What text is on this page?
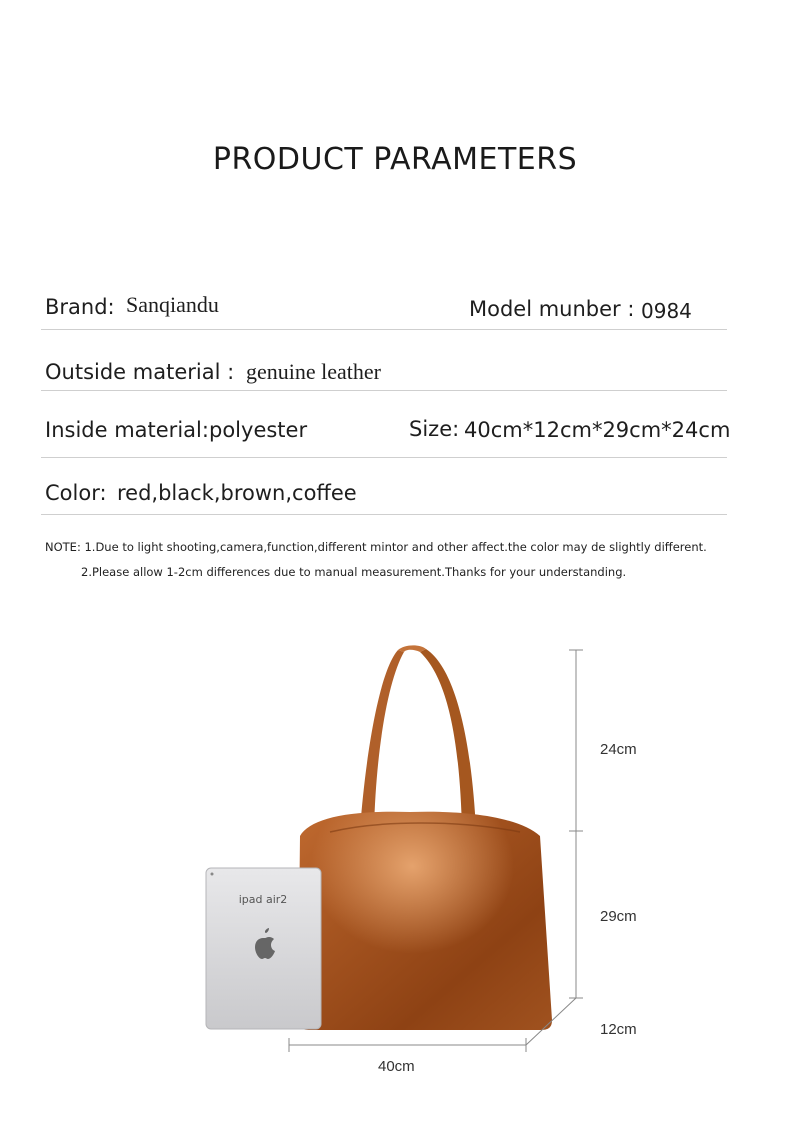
PRODUCT PARAMETERS
Brand: Sanqiandu	Model munber : 0984
Outside material : genuine leather
Inside material: polyester	Size: 40cm*12cm*29cm*24cm
Color: red,black,brown,coffee
NOTE: 1.Due to light shooting,camera,function,different mintor and other affect.the color may de slightly different.
2.Please allow 1-2cm differences due to manual measurement.Thanks for your understanding.
ipad air2
24cm
29cm
12cm
40cm
